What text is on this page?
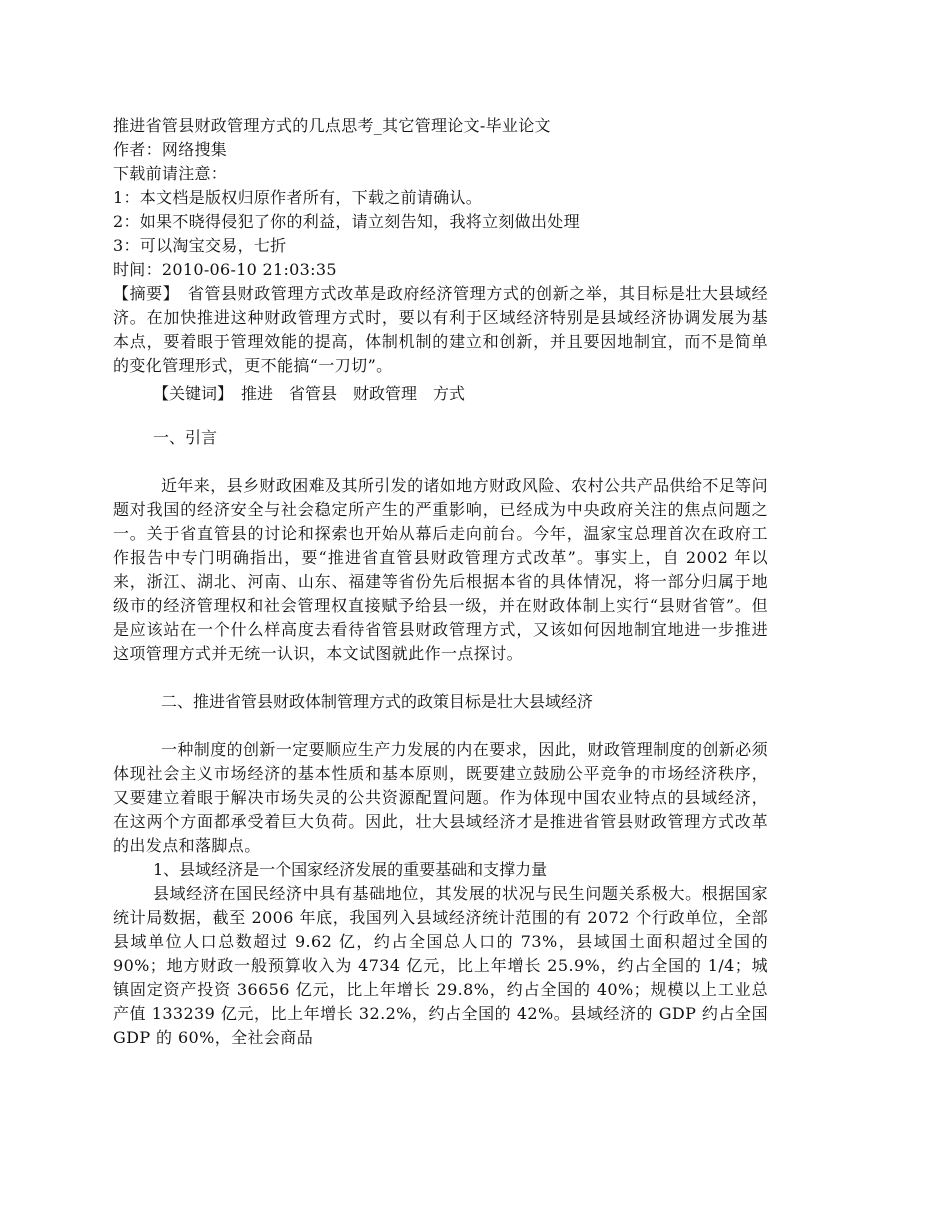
推进省管县财政管理方式的几点思考_其它管理论文-毕业论文
作者：网络搜集
下载前请注意：
1：本文档是版权归原作者所有，下载之前请确认。
2：如果不晓得侵犯了你的利益，请立刻告知，我将立刻做出处理
3：可以淘宝交易，七折
时间：2010-06-10 21:03:35
【摘要】　省管县财政管理方式改革是政府经济管理方式的创新之举，其目标是壮大县域经济。在加快推进这种财政管理方式时，要以有利于区域经济特别是县域经济协调发展为基本点，要着眼于管理效能的提高，体制机制的建立和创新，并且要因地制宜，而不是简单的变化管理形式，更不能搞“一刀切”。
【关键词】　推进　省管县　财政管理　方式
一、引言
近年来，县乡财政困难及其所引发的诸如地方财政风险、农村公共产品供给不足等问题对我国的经济安全与社会稳定所产生的严重影响，已经成为中央政府关注的焦点问题之一。关于省直管县的讨论和探索也开始从幕后走向前台。今年，温家宝总理首次在政府工作报告中专门明确指出，要“推进省直管县财政管理方式改革”。事实上，自 2002 年以来，浙江、湖北、河南、山东、福建等省份先后根据本省的具体情况，将一部分归属于地级市的经济管理权和社会管理权直接赋予给县一级，并在财政体制上实行“县财省管”。但是应该站在一个什么样高度去看待省管县财政管理方式，又该如何因地制宜地进一步推进这项管理方式并无统一认识，本文试图就此作一点探讨。
二、推进省管县财政体制管理方式的政策目标是壮大县域经济
一种制度的创新一定要顺应生产力发展的内在要求，因此，财政管理制度的创新必须体现社会主义市场经济的基本性质和基本原则，既要建立鼓励公平竞争的市场经济秩序，又要建立着眼于解决市场失灵的公共资源配置问题。作为体现中国农业特点的县域经济，在这两个方面都承受着巨大负荷。因此，壮大县域经济才是推进省管县财政管理方式改革的出发点和落脚点。
1、县域经济是一个国家经济发展的重要基础和支撑力量
县域经济在国民经济中具有基础地位，其发展的状况与民生问题关系极大。根据国家统计局数据，截至 2006 年底，我国列入县域经济统计范围的有 2072 个行政单位，全部县域单位人口总数超过 9.62 亿，约占全国总人口的 73%，县域国土面积超过全国的 90%；地方财政一般预算收入为 4734 亿元，比上年增长 25.9%，约占全国的 1/4；城镇固定资产投资 36656 亿元，比上年增长 29.8%，约占全国的 40%；规模以上工业总产值 133239 亿元，比上年增长 32.2%，约占全国的 42%。县域经济的 GDP 约占全国 GDP 的 60%，全社会商品
